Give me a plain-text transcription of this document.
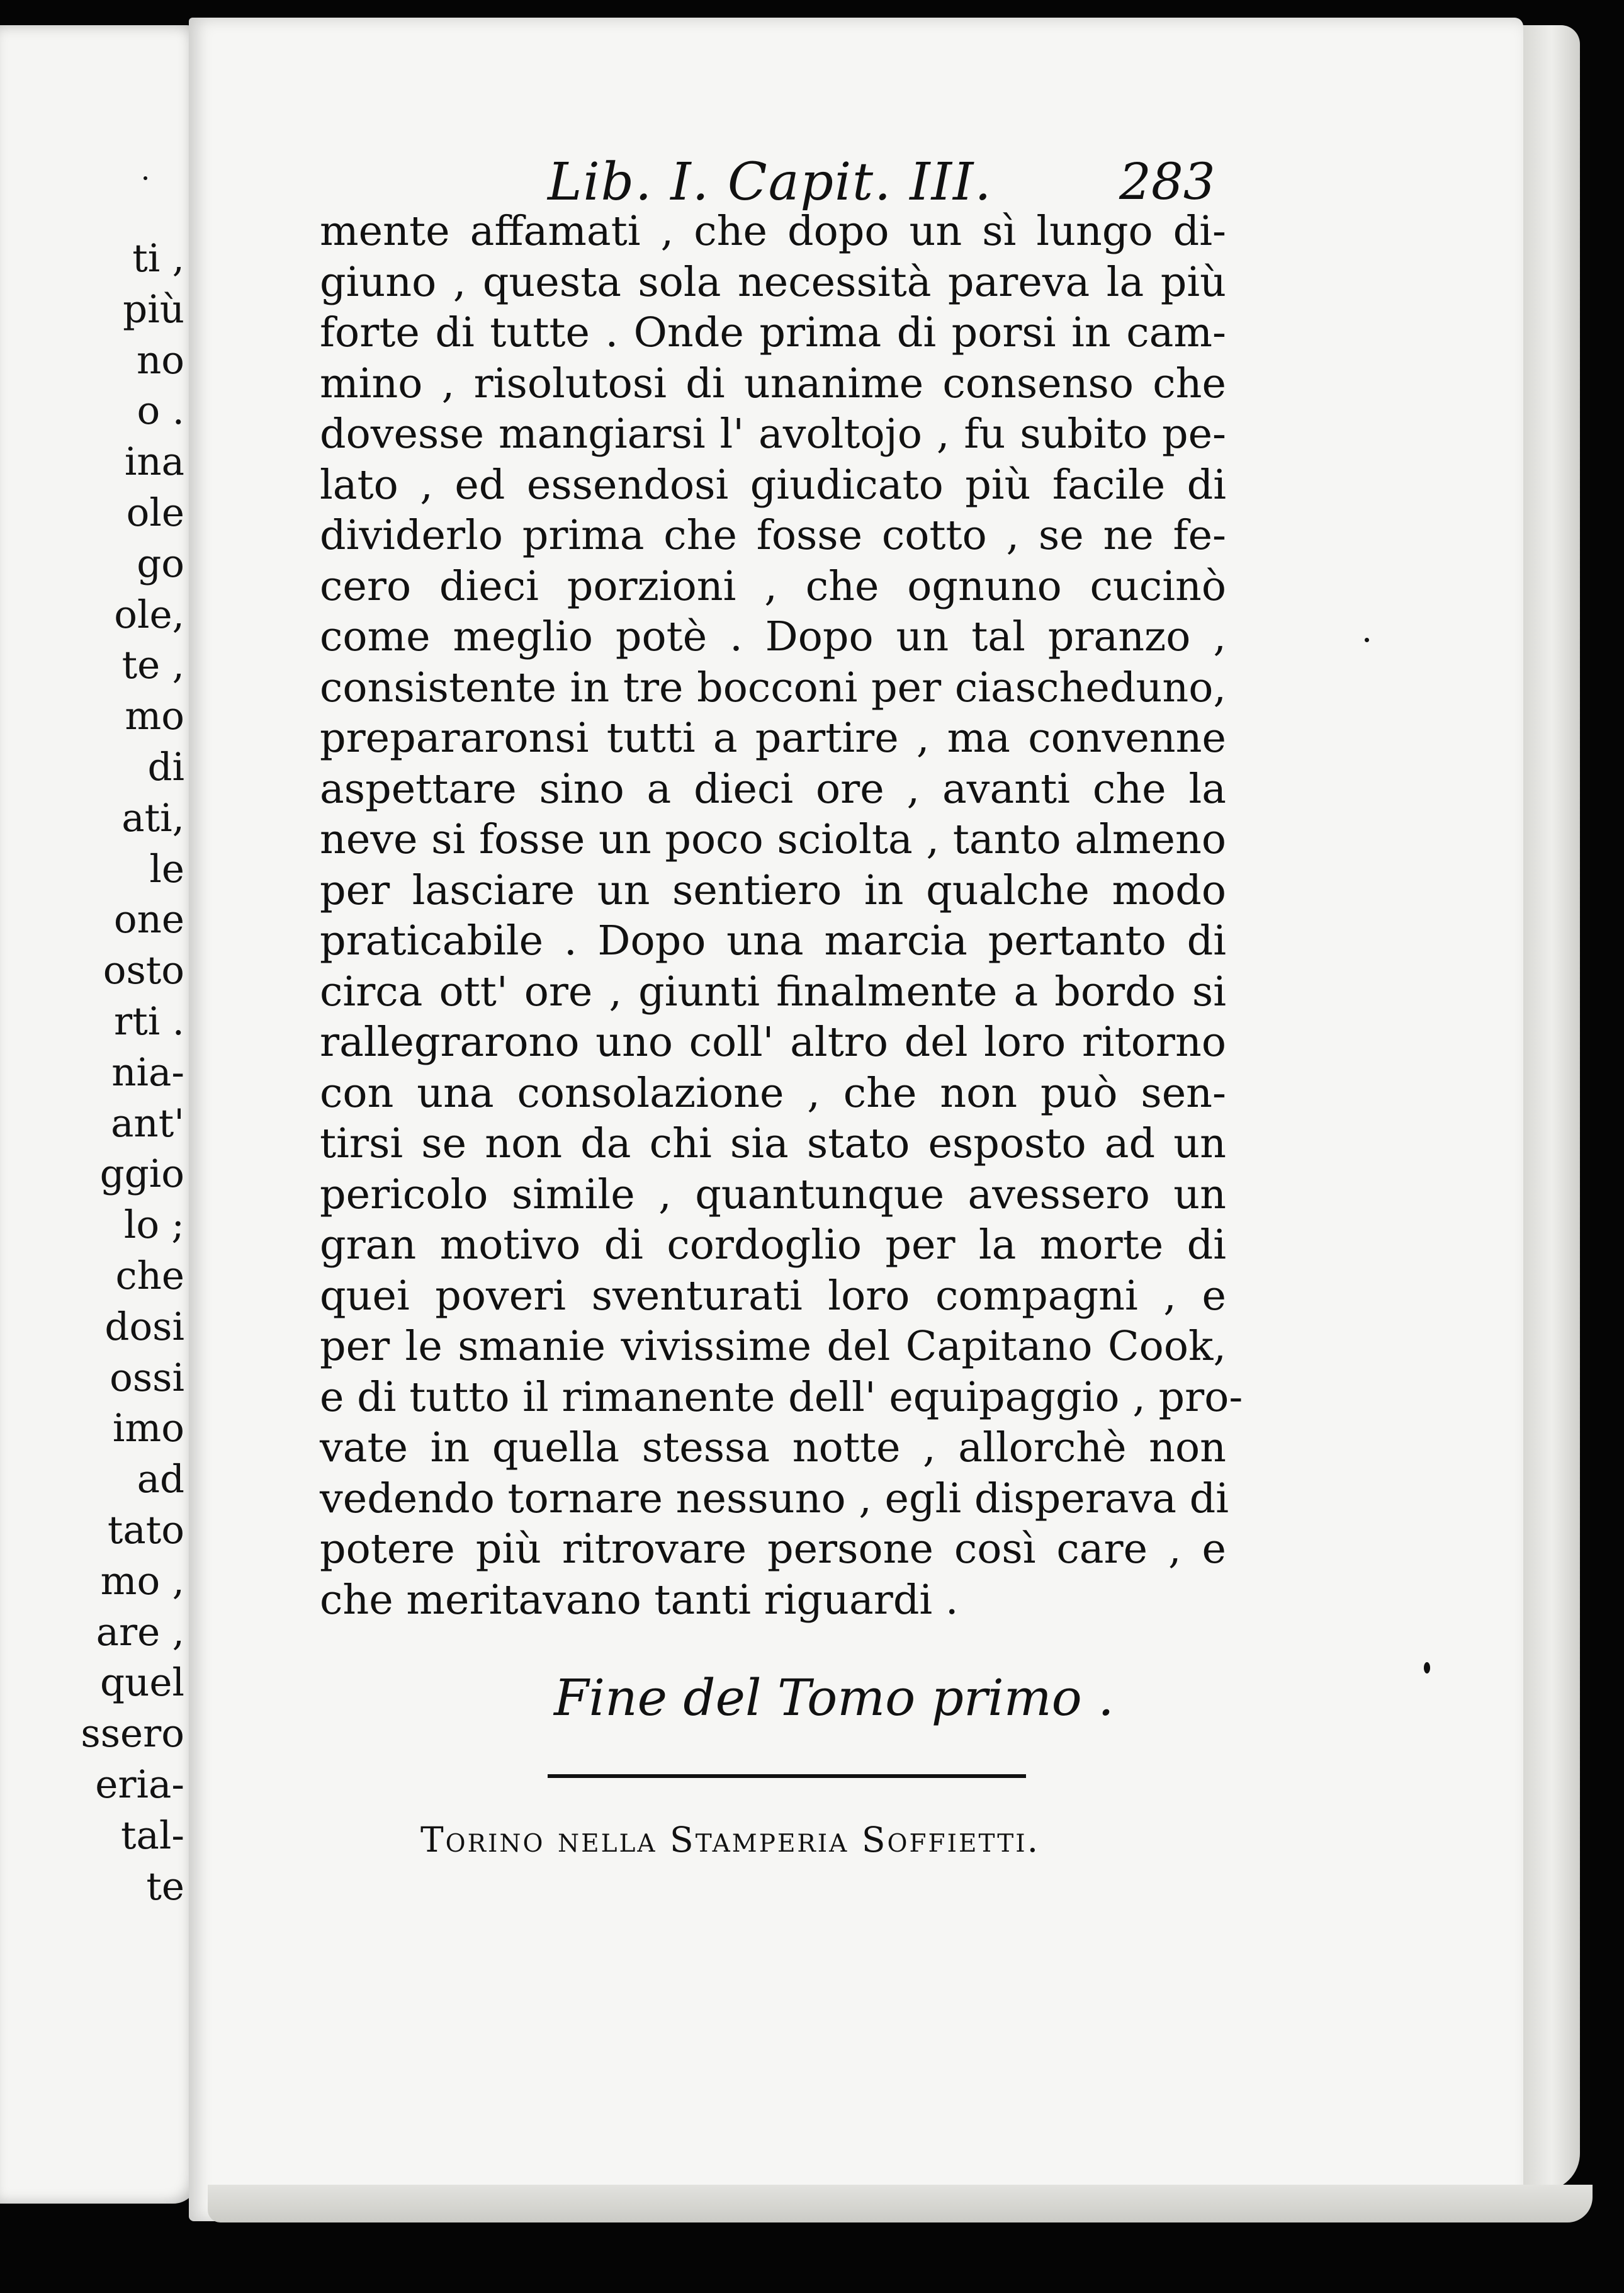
ti ,
più
no
o .
ina
ole
go
ole,
te ,
mo
di
ati,
le
one
osto
rti .
nia-
ant'
ggio
lo ;
che
dosi
ossi
imo
ad
tato
mo ,
are ,
quel
ssero
eria-
tal-
te
Lib. I. Capit. III.	283
mente affamati , che dopo un sì lungo di-
giuno , questa sola necessità pareva la più
forte di tutte . Onde prima di porsi in cam-
mino , risolutosi di unanime consenso che
dovesse mangiarsi l' avoltojo , fu subito pe-
lato , ed essendosi giudicato più facile di
dividerlo prima che fosse cotto , se ne fe-
cero dieci porzioni , che ognuno cucinò
come meglio potè . Dopo un tal pranzo ,
consistente in tre bocconi per ciascheduno,
prepararonsi tutti a partire , ma convenne
aspettare sino a dieci ore , avanti che la
neve si fosse un poco sciolta , tanto almeno
per lasciare un sentiero in qualche modo
praticabile . Dopo una marcia pertanto di
circa ott' ore , giunti finalmente a bordo si
rallegrarono uno coll' altro del loro ritorno
con una consolazione , che non può sen-
tirsi se non da chi sia stato esposto ad un
pericolo simile , quantunque avessero un
gran motivo di cordoglio per la morte di
quei poveri sventurati loro compagni , e
per le smanie vivissime del Capitano Cook,
e di tutto il rimanente dell' equipaggio , pro-
vate in quella stessa notte , allorchè non
vedendo tornare nessuno , egli disperava di
potere più ritrovare persone così care , e
che meritavano tanti riguardi .
Fine del Tomo primo .
Torino nella Stamperia Soffietti.
